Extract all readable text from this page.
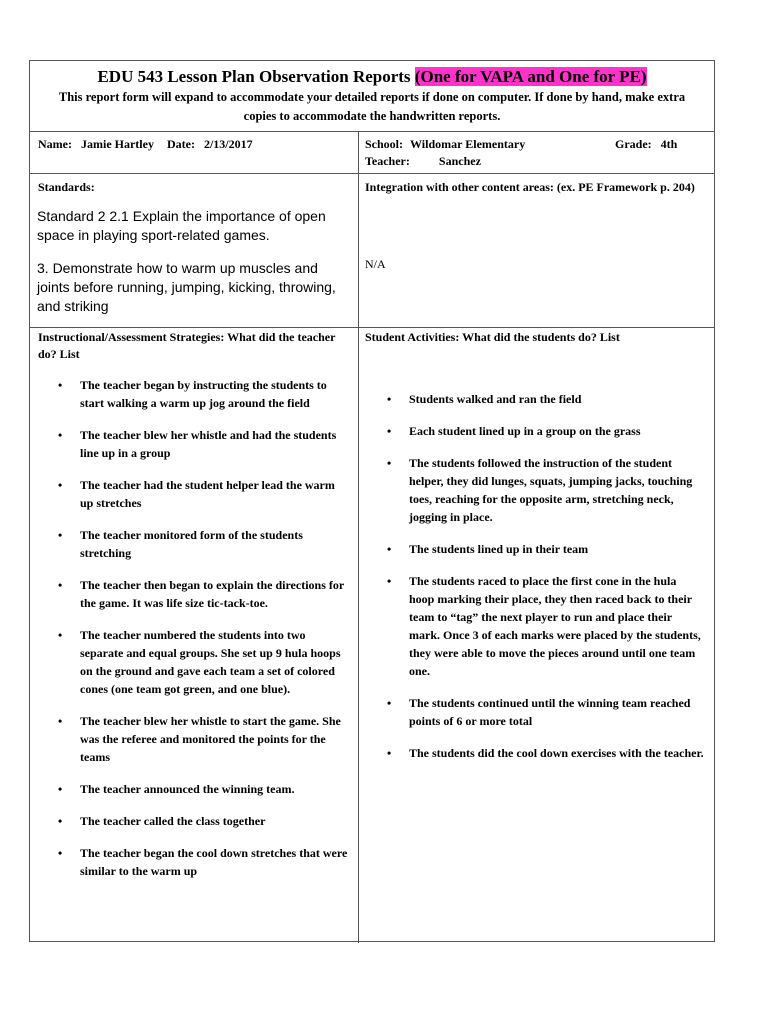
EDU 543 Lesson Plan Observation Reports (One for VAPA and One for PE)
This report form will expand to accommodate your detailed reports if done on computer. If done by hand, make extra copies to accommodate the handwritten reports.
Name: Jamie Hartley Date: 2/13/2017	School: Wildomar Elementary	Grade: 4th
Teacher: Sanchez
Standards:
Standard 2 2.1 Explain the importance of open space in playing sport-related games.
3. Demonstrate how to warm up muscles and joints before running, jumping, kicking, throwing, and striking
Integration with other content areas: (ex. PE Framework p. 204)
N/A
Instructional/Assessment Strategies: What did the teacher do? List
• The teacher began by instructing the students to start walking a warm up jog around the field
• The teacher blew her whistle and had the students line up in a group
• The teacher had the student helper lead the warm up stretches
• The teacher monitored form of the students stretching
• The teacher then began to explain the directions for the game. It was life size tic-tack-toe.
• The teacher numbered the students into two separate and equal groups. She set up 9 hula hoops on the ground and gave each team a set of colored cones (one team got green, and one blue).
• The teacher blew her whistle to start the game. She was the referee and monitored the points for the teams
• The teacher announced the winning team.
• The teacher called the class together
• The teacher began the cool down stretches that were similar to the warm up
Student Activities: What did the students do? List
• Students walked and ran the field
• Each student lined up in a group on the grass
• The students followed the instruction of the student helper, they did lunges, squats, jumping jacks, touching toes, reaching for the opposite arm, stretching neck, jogging in place.
• The students lined up in their team
• The students raced to place the first cone in the hula hoop marking their place, they then raced back to their team to “tag” the next player to run and place their mark. Once 3 of each marks were placed by the students, they were able to move the pieces around until one team one.
• The students continued until the winning team reached points of 6 or more total
• The students did the cool down exercises with the teacher.
